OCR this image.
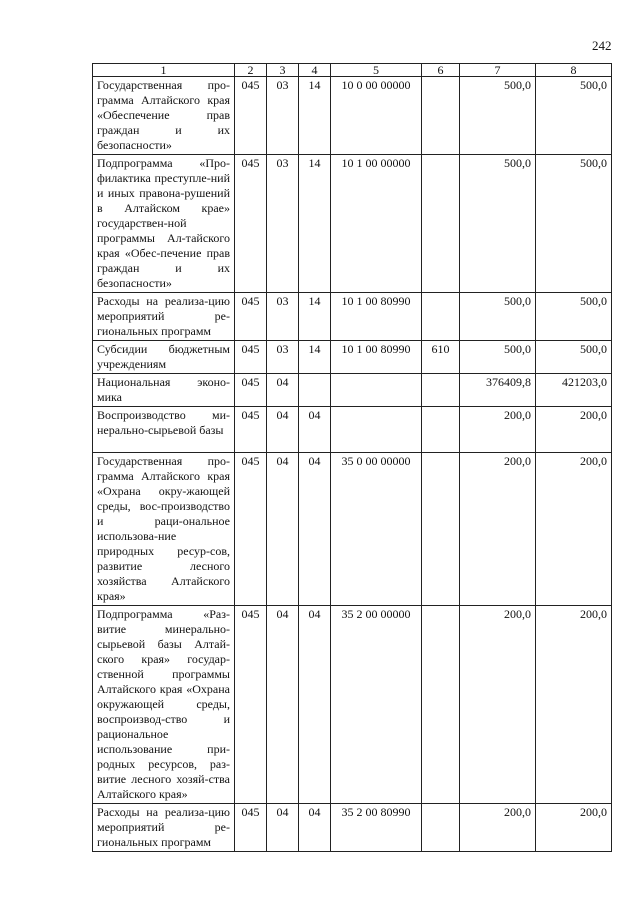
242
1	2	3	4	5	6	7	8
Государственная про-грамма Алтайского края «Обеспечение прав граждан и их безопасности»	045	03	14	10 0 00 00000		500,0	500,0
Подпрограмма «Про-филактика преступле-ний и иных правона-рушений в Алтайском крае» государствен-ной программы Ал-тайского края «Обес-печение прав граждан и их безопасности»	045	03	14	10 1 00 00000		500,0	500,0
Расходы на реализа-цию мероприятий ре-гиональных программ	045	03	14	10 1 00 80990		500,0	500,0
Субсидии бюджетным учреждениям	045	03	14	10 1 00 80990	610	500,0	500,0
Национальная эконо-мика	045	04				376409,8	421203,0
Воспроизводство ми-нерально-сырьевой базы	045	04	04			200,0	200,0
Государственная про-грамма Алтайского края «Охрана окру-жающей среды, вос-производство и раци-ональное использова-ние природных ресур-сов, развитие лесного хозяйства Алтайского края»	045	04	04	35 0 00 00000		200,0	200,0
Подпрограмма «Раз-витие минерально-сырьевой базы Алтай-ского края» государ-ственной программы Алтайского края «Охрана окружающей среды, воспроизвод-ство и рациональное использование при-родных ресурсов, раз-витие лесного хозяй-ства Алтайского края»	045	04	04	35 2 00 00000		200,0	200,0
Расходы на реализа-цию мероприятий ре-гиональных программ	045	04	04	35 2 00 80990		200,0	200,0
